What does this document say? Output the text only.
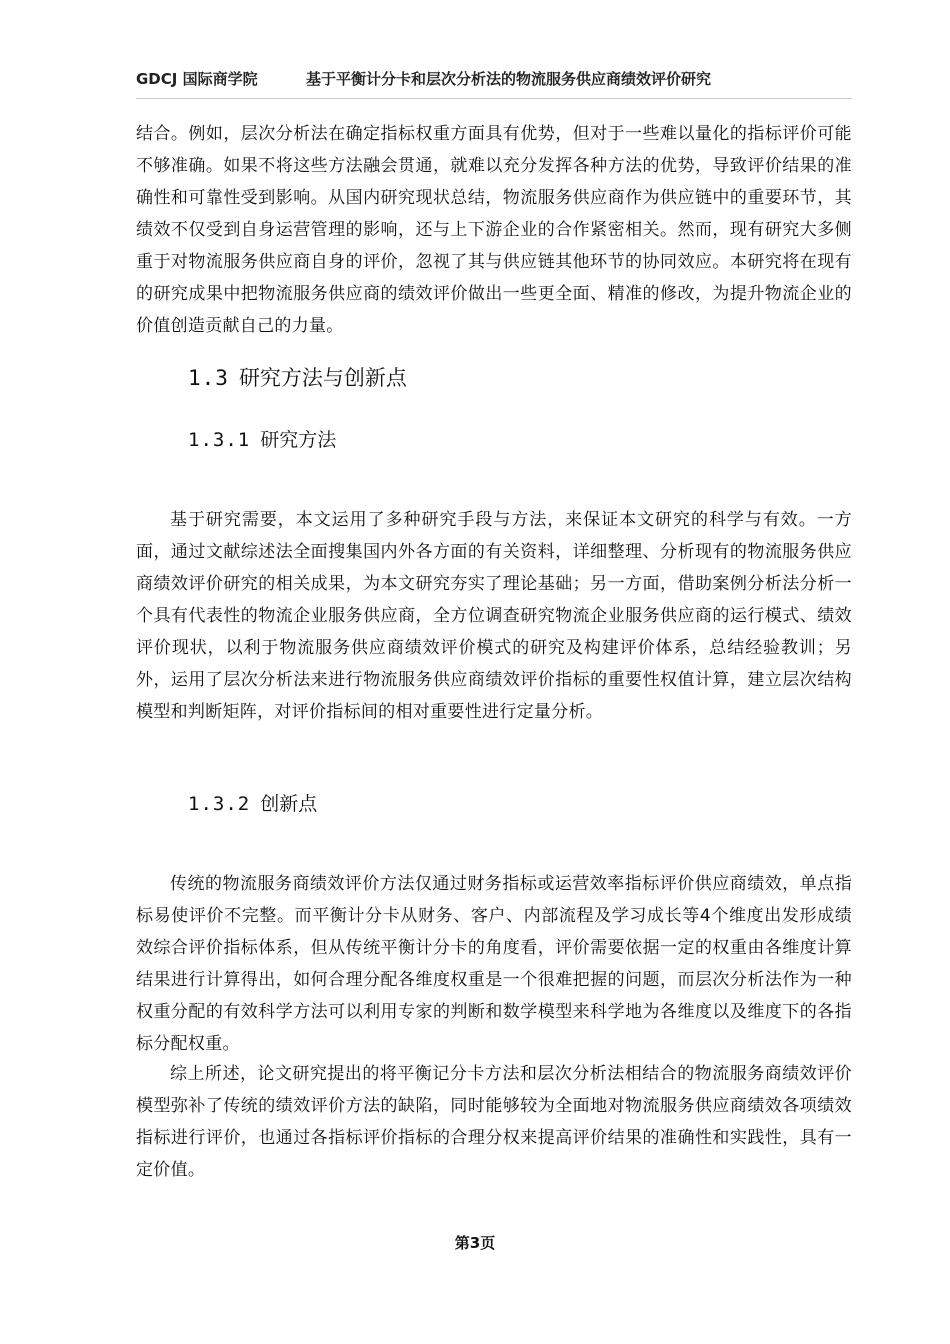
GDCJ 国际商学院	基于平衡计分卡和层次分析法的物流服务供应商绩效评价研究

结合。例如，层次分析法在确定指标权重方面具有优势，但对于一些难以量化的指标评价可能不够准确。如果不将这些方法融会贯通，就难以充分发挥各种方法的优势，导致评价结果的准确性和可靠性受到影响。从国内研究现状总结，物流服务供应商作为供应链中的重要环节，其绩效不仅受到自身运营管理的影响，还与上下游企业的合作紧密相关。然而，现有研究大多侧重于对物流服务供应商自身的评价，忽视了其与供应链其他环节的协同效应。本研究将在现有的研究成果中把物流服务供应商的绩效评价做出一些更全面、精准的修改，为提升物流企业的价值创造贡献自己的力量。

1.3 研究方法与创新点
1.3.1 研究方法

基于研究需要，本文运用了多种研究手段与方法，来保证本文研究的科学与有效。一方面，通过文献综述法全面搜集国内外各方面的有关资料，详细整理、分析现有的物流服务供应商绩效评价研究的相关成果，为本文研究夯实了理论基础；另一方面，借助案例分析法分析一个具有代表性的物流企业服务供应商，全方位调查研究物流企业服务供应商的运行模式、绩效评价现状，以利于物流服务供应商绩效评价模式的研究及构建评价体系，总结经验教训；另外，运用了层次分析法来进行物流服务供应商绩效评价指标的重要性权值计算，建立层次结构模型和判断矩阵，对评价指标间的相对重要性进行定量分析。

1.3.2 创新点

传统的物流服务商绩效评价方法仅通过财务指标或运营效率指标评价供应商绩效，单点指标易使评价不完整。而平衡计分卡从财务、客户、内部流程及学习成长等4个维度出发形成绩效综合评价指标体系，但从传统平衡计分卡的角度看，评价需要依据一定的权重由各维度计算结果进行计算得出，如何合理分配各维度权重是一个很难把握的问题，而层次分析法作为一种权重分配的有效科学方法可以利用专家的判断和数学模型来科学地为各维度以及维度下的各指标分配权重。

综上所述，论文研究提出的将平衡记分卡方法和层次分析法相结合的物流服务商绩效评价模型弥补了传统的绩效评价方法的缺陷，同时能够较为全面地对物流服务供应商绩效各项绩效指标进行评价，也通过各指标评价指标的合理分权来提高评价结果的准确性和实践性，具有一定价值。

第3页
